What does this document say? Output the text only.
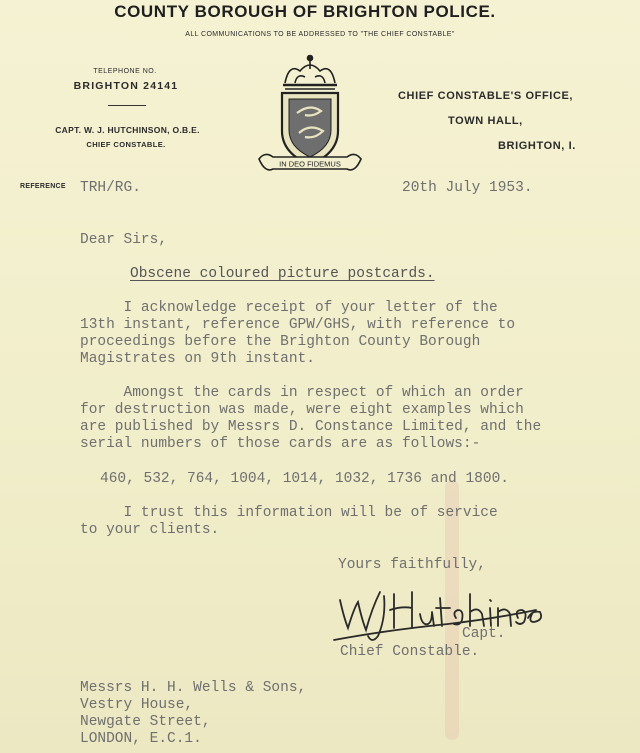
COUNTY BOROUGH OF BRIGHTON POLICE.
ALL COMMUNICATIONS TO BE ADDRESSED TO "THE CHIEF CONSTABLE"
TELEPHONE NO.
BRIGHTON 24141
CAPT. W. J. HUTCHINSON, O.B.E.
CHIEF CONSTABLE.
IN DEO FIDEMUS
CHIEF CONSTABLE'S OFFICE,
TOWN HALL,
BRIGHTON, I.
REFERENCE TRH/RG.	20th July 1953.
Dear Sirs,
Obscene coloured picture postcards.
I acknowledge receipt of your letter of the
13th instant, reference GPW/GHS, with reference to
proceedings before the Brighton County Borough
Magistrates on 9th instant.
Amongst the cards in respect of which an order
for destruction was made, were eight examples which
are published by Messrs D. Constance Limited, and the
serial numbers of those cards are as follows:-
460, 532, 764, 1004, 1014, 1032, 1736 and 1800.
I trust this information will be of service
to your clients.
Yours faithfully,
Capt.
Chief Constable.
Messrs H. H. Wells & Sons,
Vestry House,
Newgate Street,
LONDON, E.C.1.
